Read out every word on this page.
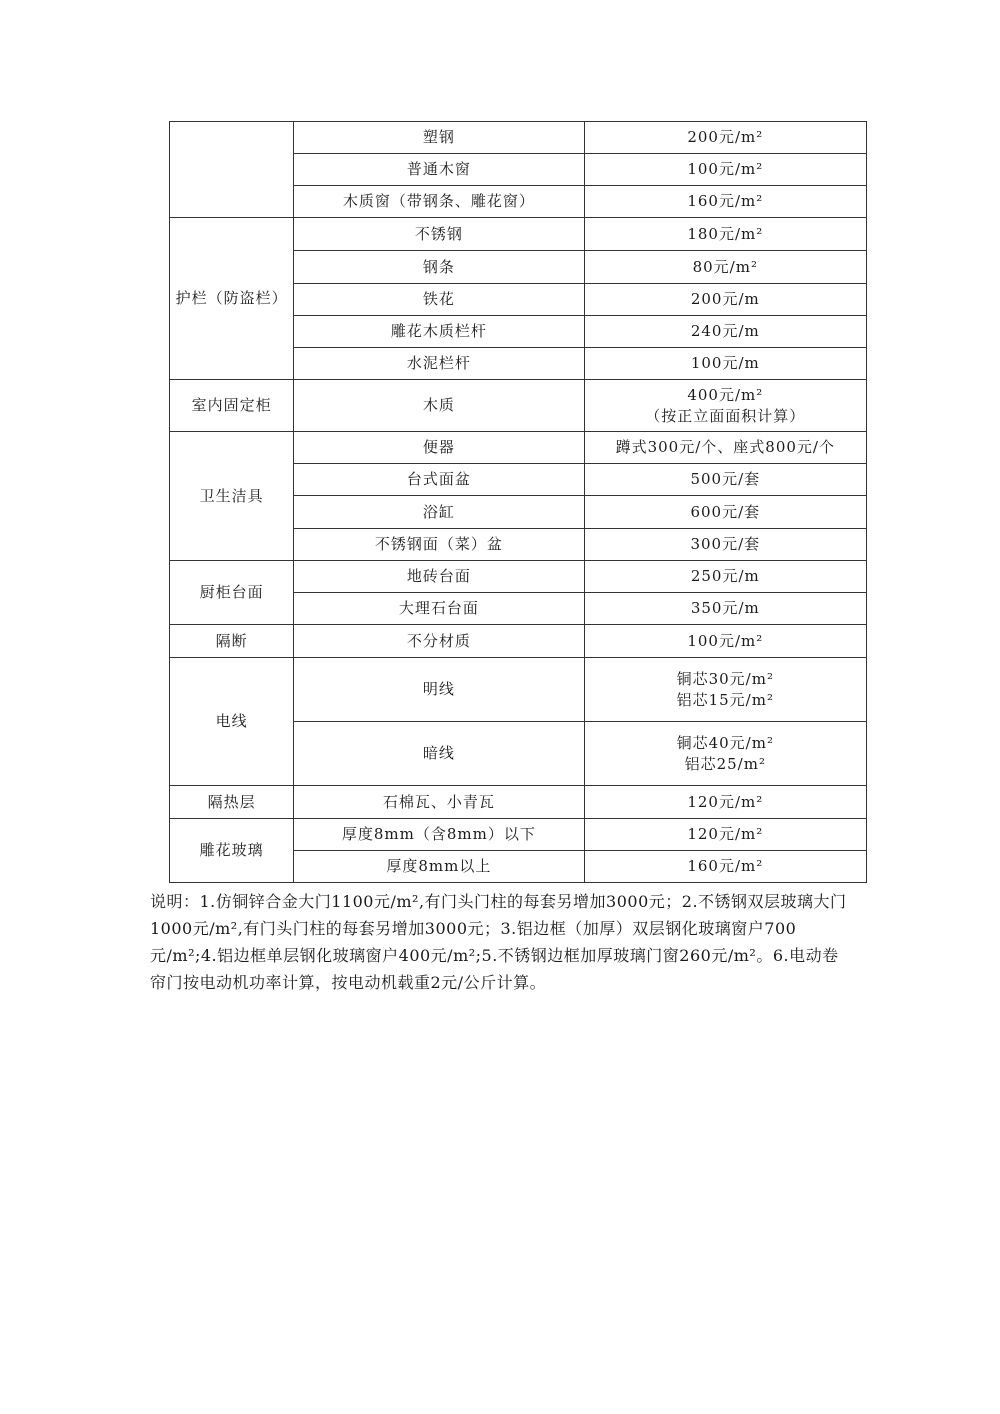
	塑钢	200元/m²

	普通木窗	100元/m²

	木质窗（带钢条、雕花窗）	160元/m²

护栏（防盗栏）	不锈钢	180元/m²

	钢条	80元/m²

	铁花	200元/m

	雕花木质栏杆	240元/m

	水泥栏杆	100元/m

室内固定柜	木质	400元/m²
（按正立面面积计算）

卫生洁具	便器	蹲式300元/个、座式800元/个

	台式面盆	500元/套

	浴缸	600元/套

	不锈钢面（菜）盆	300元/套

厨柜台面	地砖台面	250元/m

	大理石台面	350元/m

隔断	不分材质	100元/m²

电线	明线	铜芯30元/m²
铝芯15元/m²

	暗线	铜芯40元/m²
铝芯25/m²

隔热层	石棉瓦、小青瓦	120元/m²

雕花玻璃	厚度8mm（含8mm）以下	120元/m²

	厚度8mm以上	160元/m²

说明：1.仿铜锌合金大门1100元/m²,有门头门柱的每套另增加3000元；2.不锈钢双层玻璃大门1000元/m²,有门头门柱的每套另增加3000元；3.铝边框（加厚）双层钢化玻璃窗户700元/m²;4.铝边框单层钢化玻璃窗户400元/m²;5.不锈钢边框加厚玻璃门窗260元/m²。6.电动卷帘门按电动机功率计算，按电动机载重2元/公斤计算。
